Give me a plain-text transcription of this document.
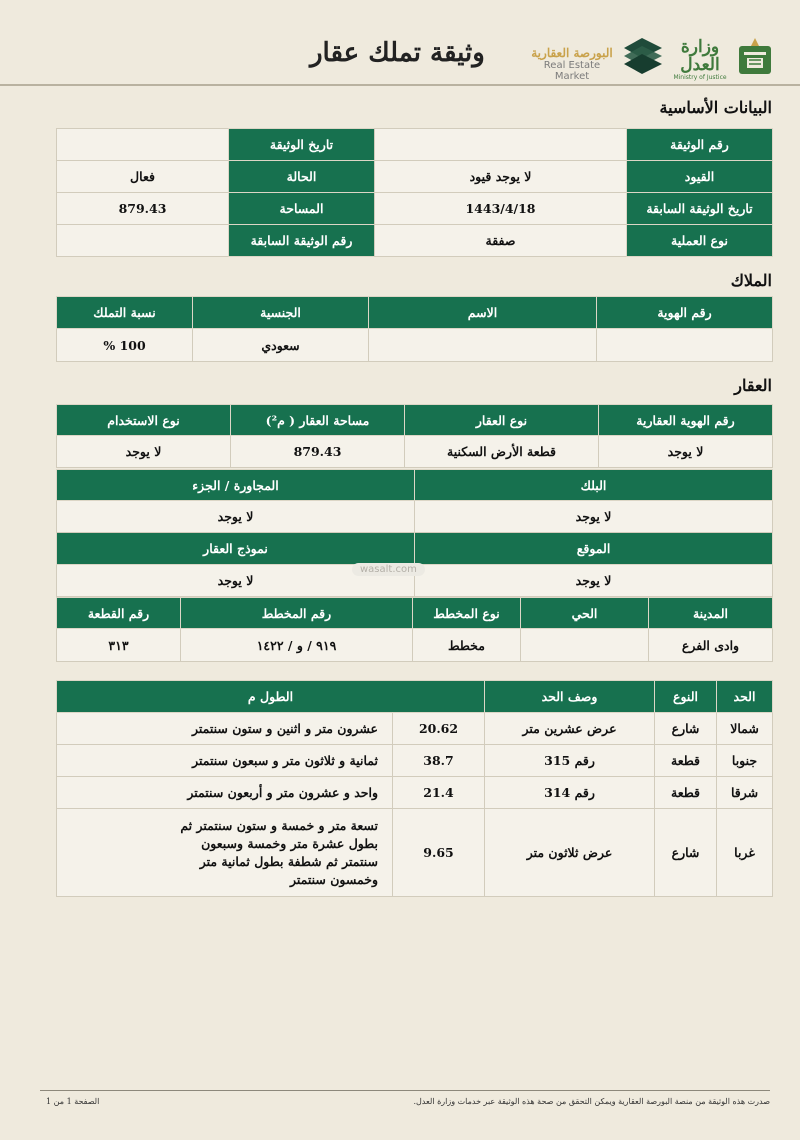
وزارة العدل
Ministry of Justice
البورصة العقارية
Real Estate Market
وثيقة تملك عقار
البيانات الأساسية
رقم الوثيقة		تاريخ الوثيقة	
القيود	لا يوجد قيود	الحالة	فعال
تاريخ الوثيقة السابقة	1443/4/18	المساحة	879.43
نوع العملية	صفقة	رقم الوثيقة السابقة	
الملاك
رقم الهوية	الاسم	الجنسية	نسبة التملك
		سعودي	100 %
العقار
رقم الهوية العقارية	نوع العقار	مساحة العقار ( م²)	نوع الاستخدام
لا يوجد	قطعة الأرض السكنية	879.43	لا يوجد
البلك	المجاورة / الجزء
لا يوجد	لا يوجد
الموقع	نموذج العقار
لا يوجد	لا يوجد
wasalt.com
المدينة	الحي	نوع المخطط	رقم المخطط	رقم القطعة
وادى الفرع		مخطط	٩١٩ / و / ١٤٢٢	٣١٣
الحد	النوع	وصف الحد	الطول م	
شمالا	شارع	عرض عشرين متر	20.62	عشرون متر و اثنين و ستون سنتمتر
جنوبا	قطعة	رقم 315	38.7	ثمانية و ثلاثون متر و سبعون سنتمتر
شرقا	قطعة	رقم 314	21.4	واحد و عشرون متر و أربعون سنتمتر
غربا	شارع	عرض ثلاثون متر	9.65	تسعة متر و خمسة و ستون سنتمتر ثم بطول عشرة متر وخمسة وسبعون سنتمتر ثم شطفة بطول ثمانية متر وخمسون سنتمتر
صدرت هذه الوثيقة من منصة البورصة العقارية ويمكن التحقق من صحة هذه الوثيقة عبر خدمات وزارة العدل.
الصفحة 1 من 1
